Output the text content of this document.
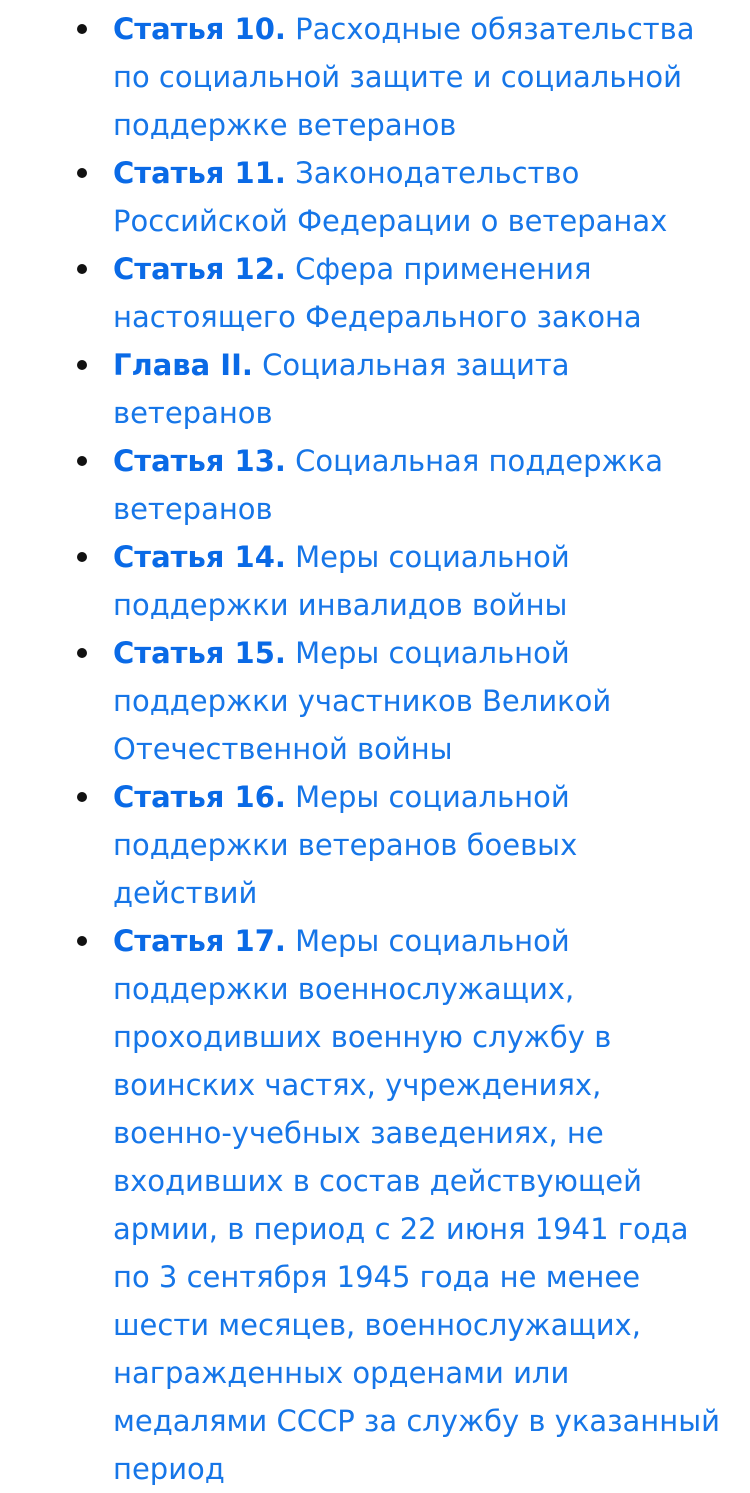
Статья 10. Расходные обязательства по социальной защите и социальной поддержке ветеранов
Статья 11. Законодательство Российской Федерации о ветеранах
Статья 12. Сфера применения настоящего Федерального закона
Глава II. Социальная защита ветеранов
Статья 13. Социальная поддержка ветеранов
Статья 14. Меры социальной поддержки инвалидов войны
Статья 15. Меры социальной поддержки участников Великой Отечественной войны
Статья 16. Меры социальной поддержки ветеранов боевых действий
Статья 17. Меры социальной поддержки военнослужащих, проходивших военную службу в воинских частях, учреждениях, военно-учебных заведениях, не входивших в состав действующей армии, в период с 22 июня 1941 года по 3 сентября 1945 года не менее шести месяцев, военнослужащих, награжденных орденами или медалями СССР за службу в указанный период
